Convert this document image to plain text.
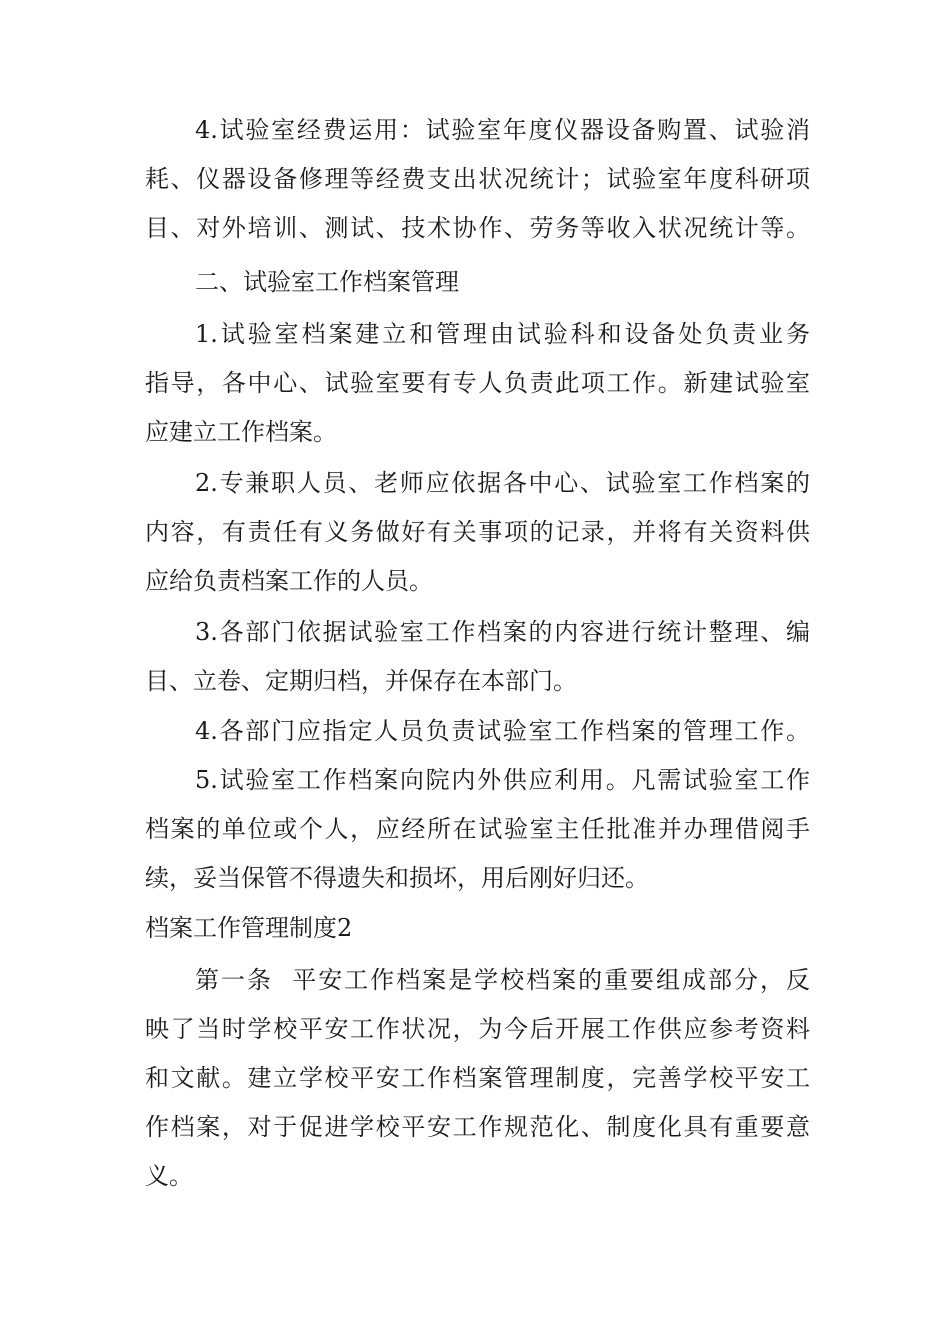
4.试验室经费运用：试验室年度仪器设备购置、试验消
耗、仪器设备修理等经费支出状况统计；试验室年度科研项
目、对外培训、测试、技术协作、劳务等收入状况统计等。
二、试验室工作档案管理
1.试验室档案建立和管理由试验科和设备处负责业务
指导，各中心、试验室要有专人负责此项工作。新建试验室
应建立工作档案。
2.专兼职人员、老师应依据各中心、试验室工作档案的
内容，有责任有义务做好有关事项的记录，并将有关资料供
应给负责档案工作的人员。
3.各部门依据试验室工作档案的内容进行统计整理、编
目、立卷、定期归档，并保存在本部门。
4.各部门应指定人员负责试验室工作档案的管理工作。
5.试验室工作档案向院内外供应利用。凡需试验室工作
档案的单位或个人，应经所在试验室主任批准并办理借阅手
续，妥当保管不得遗失和损坏，用后刚好归还。
档案工作管理制度2
第一条  平安工作档案是学校档案的重要组成部分，反
映了当时学校平安工作状况，为今后开展工作供应参考资料
和文献。建立学校平安工作档案管理制度，完善学校平安工
作档案，对于促进学校平安工作规范化、制度化具有重要意
义。
